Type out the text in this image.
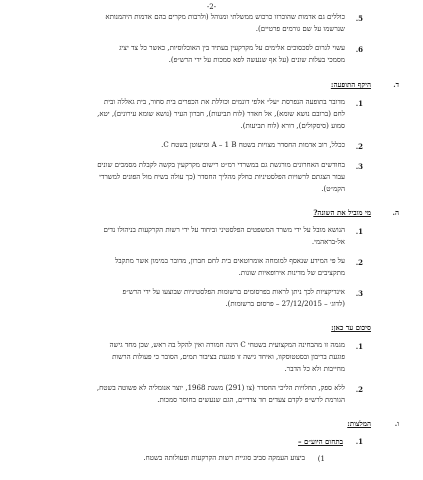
-2-
5.
כוללים גם אדמות שהוכרזו כרכוש ממשלתי ומנוהל (ולרבות מקרים בהם אדמות היהמנותא
שנרשמו על שם גורמים פרטיים).
6.
עשוי לגרום לסכסוכים אלימים על מקרקעין בעתיד בין האוכלוסיות, כאשר כל צד יציג
מסמכי בעלות שונים (על אף שנעשה לפא סמכות על ידי הרש״פ).
ד.
היקף התופעה:
1.
מדובר בתופעה הנפרסת ״על״ אלפי דונמים וכוללת את הכפרים בית סחור, בית גאללה ובית
לחם (ברובם נושא שומא), אל חאדר (לוח תביעות), חברון העיר (נושא שומא עירונים), יטא,
סמוע (סיסקולים), דורא (לוח תביעות).
2.
ככלל, רוב אדמות החסדר מצויות בשטח A – 1 B ומיעוטן בשטח C.
3.
בחודשים האחרונים מורגשת גם במשרדי רמ״ט רישום מקרקעין בקשה לקבלת מסמכים שונים
עבור הצגתם לרשויות הפלסטיניות כחלק מהליך החסדר (כך עולה בשיח מול הפונים למשרדי
הקמ״ט).
ה.
מי מוביל את השונה?
1.
הנושא מובל על ידי משרד המשפטים הפלסטיני וביחוד על ידי רשות הקרקעות בניהולו נדים
אל-בראהמי.
2.
על פי המידע שנאסף למומחה אומרוטאים בית לחם חברון, מדובר במימון אשר מתקבל
מתקציבים של מדינות אירופאיות שונות.
3.
אינדיקציות לכך ניתן לראות בפרסומים ברשומות הפלסטיניות שבוצעו על ידי הרש״פ
(לדוג׳ – 27/12/2015 – פרסום ברשומות).
סיכום עד כאן:
1.
מגמה זו מהבחינה המקצועית בשטחי C הינה חמורה ואין להקל בה ראש, שכן מחד גישה
פוגעת בריבון ובסטטוסקוו, ואיחד גישה זו פוגעת בציבור תמים, הסובר כי פעולות הרשות
מחייבות ולא כל הדבר.
2.
ללא ספק, תחלויות הליכי החסדר (צו (291) משנת 1968, יוצר אנומליה לא פשוטה בשטח,
הגורמת לרש״פ לקדם צעדים חד צדדיים, הגם שנעשים בחוסר סמכות.
ו.
המלצות:
1.
בתחום היוע״ם –
1)
ביצוע העמקה סביב סוגיית רשות הקרקעות ופעולותה בשטח.
